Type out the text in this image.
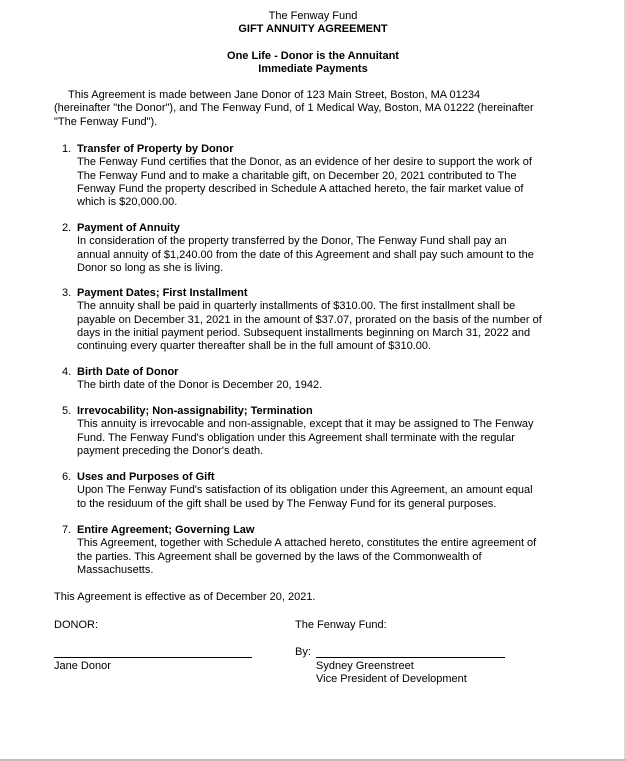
The Fenway Fund
GIFT ANNUITY AGREEMENT
One Life - Donor is the Annuitant
Immediate Payments
This Agreement is made between Jane Donor of 123 Main Street, Boston, MA 01234
(hereinafter "the Donor"), and The Fenway Fund, of 1 Medical Way, Boston, MA 01222 (hereinafter
"The Fenway Fund").
1. Transfer of Property by Donor
The Fenway Fund certifies that the Donor, as an evidence of her desire to support the work of
The Fenway Fund and to make a charitable gift, on December 20, 2021 contributed to The
Fenway Fund the property described in Schedule A attached hereto, the fair market value of
which is $20,000.00.
2. Payment of Annuity
In consideration of the property transferred by the Donor, The Fenway Fund shall pay an
annual annuity of $1,240.00 from the date of this Agreement and shall pay such amount to the
Donor so long as she is living.
3. Payment Dates; First Installment
The annuity shall be paid in quarterly installments of $310.00. The first installment shall be
payable on December 31, 2021 in the amount of $37.07, prorated on the basis of the number of
days in the initial payment period. Subsequent installments beginning on March 31, 2022 and
continuing every quarter thereafter shall be in the full amount of $310.00.
4. Birth Date of Donor
The birth date of the Donor is December 20, 1942.
5. Irrevocability; Non-assignability; Termination
This annuity is irrevocable and non-assignable, except that it may be assigned to The Fenway
Fund. The Fenway Fund's obligation under this Agreement shall terminate with the regular
payment preceding the Donor's death.
6. Uses and Purposes of Gift
Upon The Fenway Fund's satisfaction of its obligation under this Agreement, an amount equal
to the residuum of the gift shall be used by The Fenway Fund for its general purposes.
7. Entire Agreement; Governing Law
This Agreement, together with Schedule A attached hereto, constitutes the entire agreement of
the parties. This Agreement shall be governed by the laws of the Commonwealth of
Massachusetts.
This Agreement is effective as of December 20, 2021.
DONOR:	The Fenway Fund:
By:
Jane Donor	Sydney Greenstreet
Vice President of Development
